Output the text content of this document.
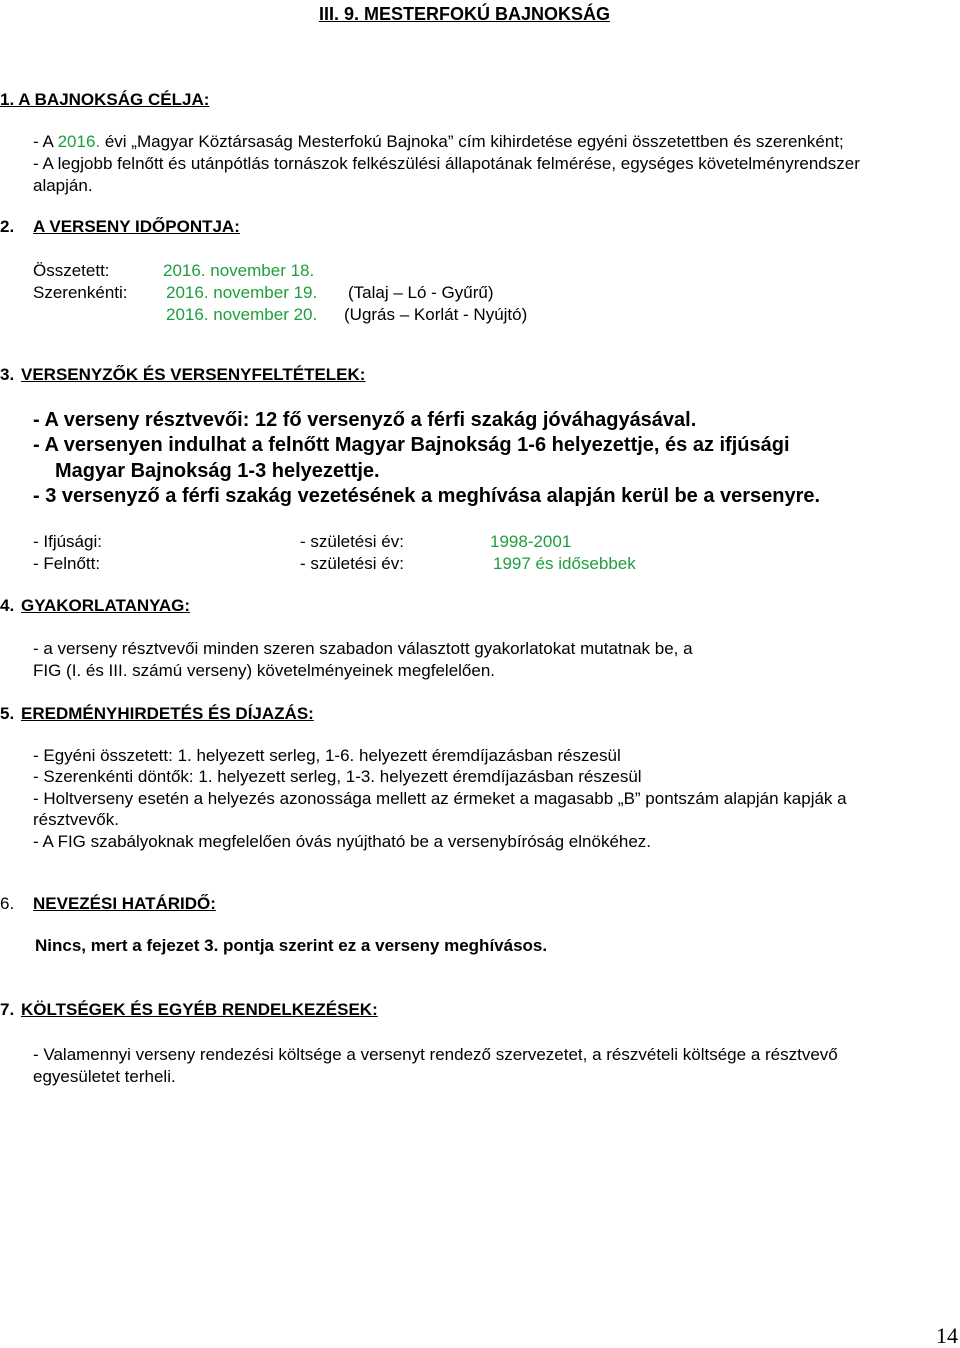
III. 9. MESTERFOKÚ BAJNOKSÁG
1. A BAJNOKSÁG CÉLJA:
- A 2016. évi „Magyar Köztársaság Mesterfokú Bajnoka” cím kihirdetése egyéni összetettben és szerenként;
- A legjobb felnőtt és utánpótlás tornászok felkészülési állapotának felmérése, egységes követelményrendszer
alapján.
2. A VERSENY IDŐPONTJA:
Összetett:	2016. november 18.
Szerenkénti: 2016. november 19. (Talaj – Ló - Gyűrű)
2016. november 20. (Ugrás – Korlát - Nyújtó)
3. VERSENYZŐK ÉS VERSENYFELTÉTELEK:
- A verseny résztvevői: 12 fő versenyző a férfi szakág jóváhagyásával.
- A versenyen indulhat a felnőtt Magyar Bajnokság 1-6 helyezettje, és az ifjúsági
Magyar Bajnokság 1-3 helyezettje.
- 3 versenyző a férfi szakág vezetésének a meghívása alapján kerül be a versenyre.
- Ifjúsági:	- születési év:	1998-2001
- Felnőtt:	- születési év:	1997 és idősebbek
4. GYAKORLATANYAG:
- a verseny résztvevői minden szeren szabadon választott gyakorlatokat mutatnak be, a
FIG (I. és III. számú verseny) követelményeinek megfelelően.
5. EREDMÉNYHIRDETÉS ÉS DÍJAZÁS:
- Egyéni összetett: 1. helyezett serleg, 1-6. helyezett éremdíjazásban részesül
- Szerenkénti döntők: 1. helyezett serleg, 1-3. helyezett éremdíjazásban részesül
- Holtverseny esetén a helyezés azonossága mellett az érmeket a magasabb „B” pontszám alapján kapják a
résztvevők.
- A FIG szabályoknak megfelelően óvás nyújtható be a versenybíróság elnökéhez.
6. NEVEZÉSI HATÁRIDŐ:
Nincs, mert a fejezet 3. pontja szerint ez a verseny meghívásos.
7. KÖLTSÉGEK ÉS EGYÉB RENDELKEZÉSEK:
- Valamennyi verseny rendezési költsége a versenyt rendező szervezetet, a részvételi költsége a résztvevő
egyesületet terheli.
14
